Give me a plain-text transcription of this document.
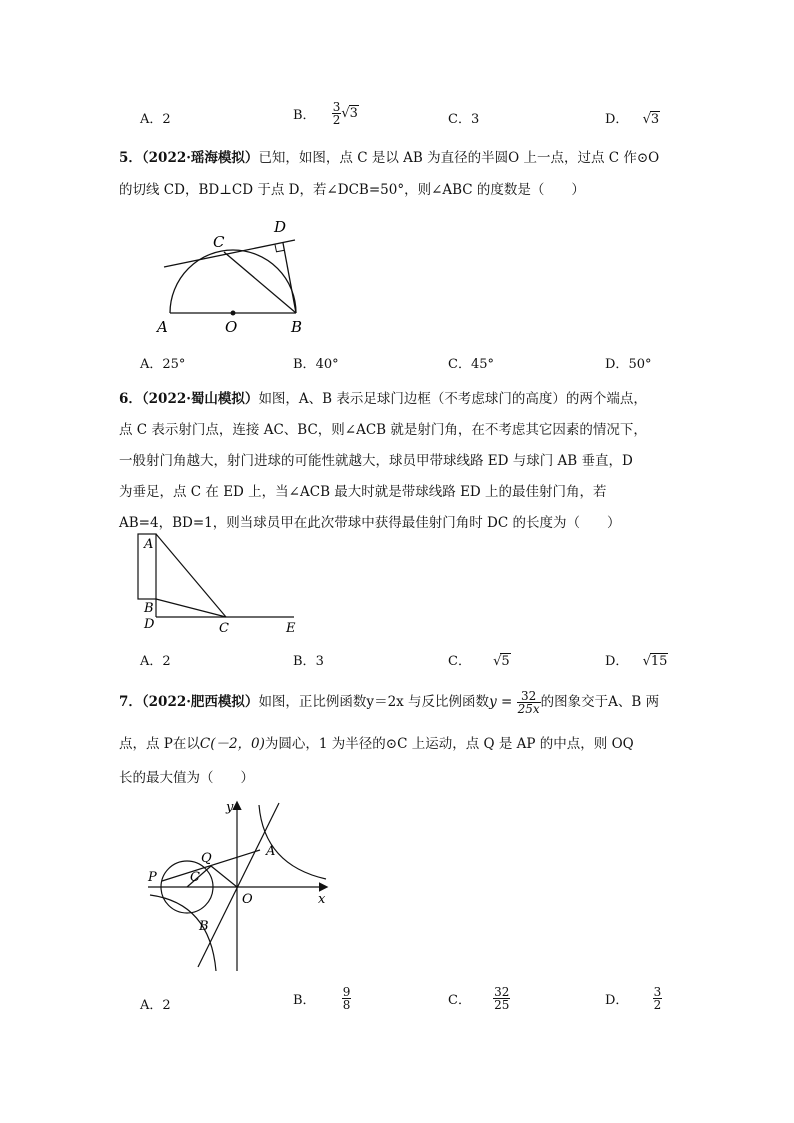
A．2	B． $\frac{3}{2} √3$	C．3	D． √3
5．（2022·瑶海模拟）已知，如图，点 C 是以 AB 为直径的半圆O 上一点，过点 C 作⊙O
的切线 CD，BD⊥CD 于点 D，若∠DCB=50°，则∠ABC 的度数是（　　）
A	O	B
C
D
A．25°	B．40°	C．45°	D．50°
6．（2022·蜀山模拟）如图，A、B 表示足球门边框（不考虑球门的高度）的两个端点，
点 C 表示射门点，连接 AC、BC，则∠ACB 就是射门角，在不考虑其它因素的情况下，
一般射门角越大，射门进球的可能性就越大，球员甲带球线路 ED 与球门 AB 垂直，D
为垂足，点 C 在 ED 上，当∠ACB 最大时就是带球线路 ED 上的最佳射门角，若
AB=4，BD=1，则当球员甲在此次带球中获得最佳射门角时 DC 的长度为（　　）
A
B
D	C	E
A．2	B．3	C． √5	D． √15
7．（2022·肥西模拟）如图，正比例函数y＝2x 与反比例函数$y = \frac{32}{25x}$ 的图象交于A、B 两
点，点 P在以C(－2，0)为圆心，1 为半径的⊙C 上运动，点 Q 是 AP 的中点，则 OQ
长的最大值为（　　）
y
x
O
A
B
C
P
Q
A．2	B． $\frac{9}{8}$	C． $\frac{32}{25}$	D． $\frac{3}{2}$
